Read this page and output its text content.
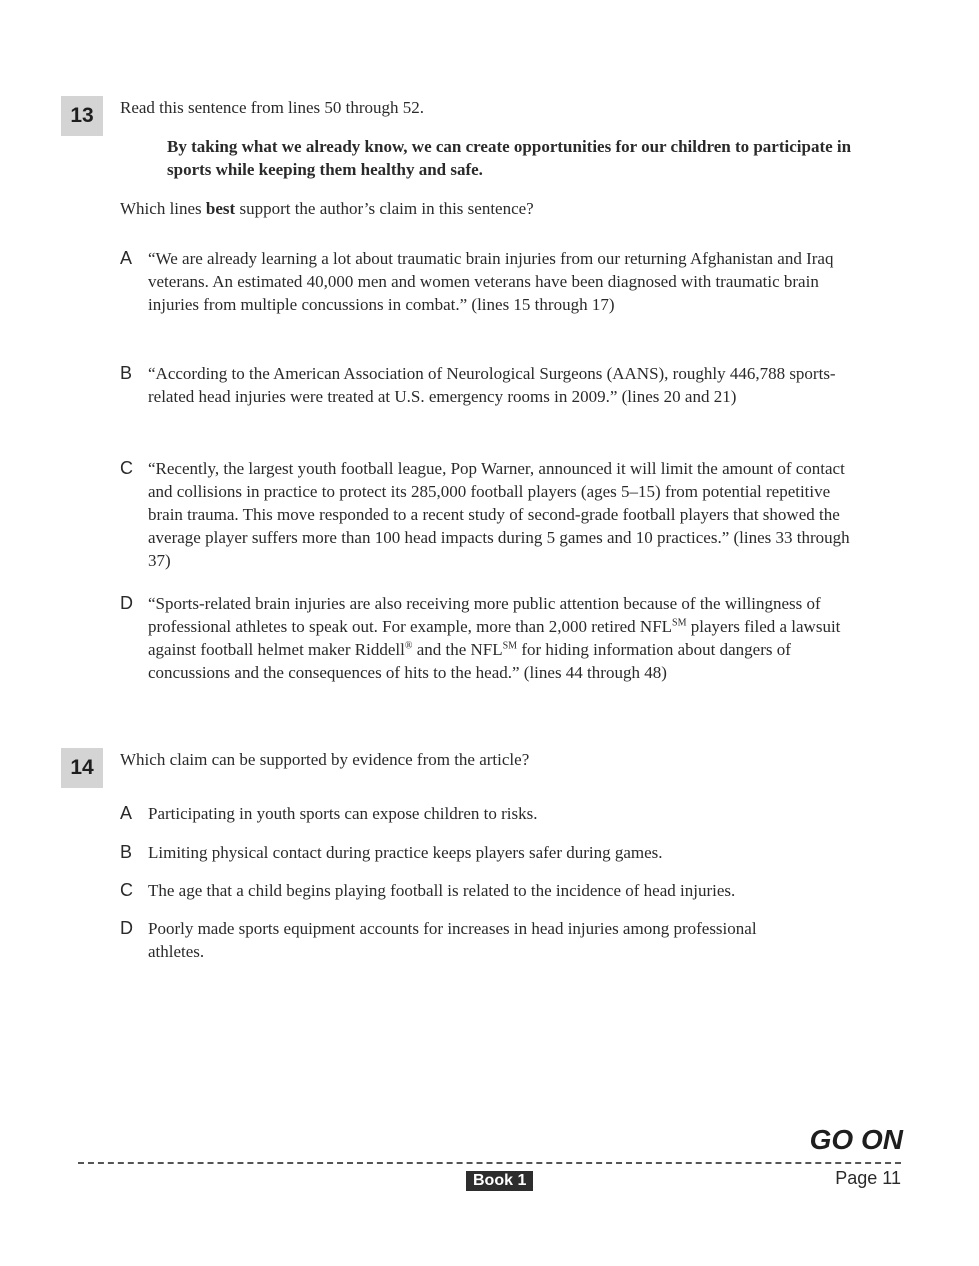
13	Read this sentence from lines 50 through 52.
By taking what we already know, we can create opportunities for our children to participate in sports while keeping them healthy and safe.
Which lines best support the author’s claim in this sentence?
A “We are already learning a lot about traumatic brain injuries from our returning Afghanistan and Iraq veterans. An estimated 40,000 men and women veterans have been diagnosed with traumatic brain injuries from multiple concussions in combat.” (lines 15 through 17)
B “According to the American Association of Neurological Surgeons (AANS), roughly 446,788 sports-related head injuries were treated at U.S. emergency rooms in 2009.” (lines 20 and 21)
C “Recently, the largest youth football league, Pop Warner, announced it will limit the amount of contact and collisions in practice to protect its 285,000 football players (ages 5–15) from potential repetitive brain trauma. This move responded to a recent study of second-grade football players that showed the average player suffers more than 100 head impacts during 5 games and 10 practices.” (lines 33 through 37)
D “Sports-related brain injuries are also receiving more public attention because of the willingness of professional athletes to speak out. For example, more than 2,000 retired NFL℠ players filed a lawsuit against football helmet maker Riddell® and the NFL℠ for hiding information about dangers of concussions and the consequences of hits to the head.” (lines 44 through 48)
14	Which claim can be supported by evidence from the article?
A Participating in youth sports can expose children to risks.
B Limiting physical contact during practice keeps players safer during games.
C The age that a child begins playing football is related to the incidence of head injuries.
D Poorly made sports equipment accounts for increases in head injuries among professional athletes.
GO ON
Book 1	Page 11
